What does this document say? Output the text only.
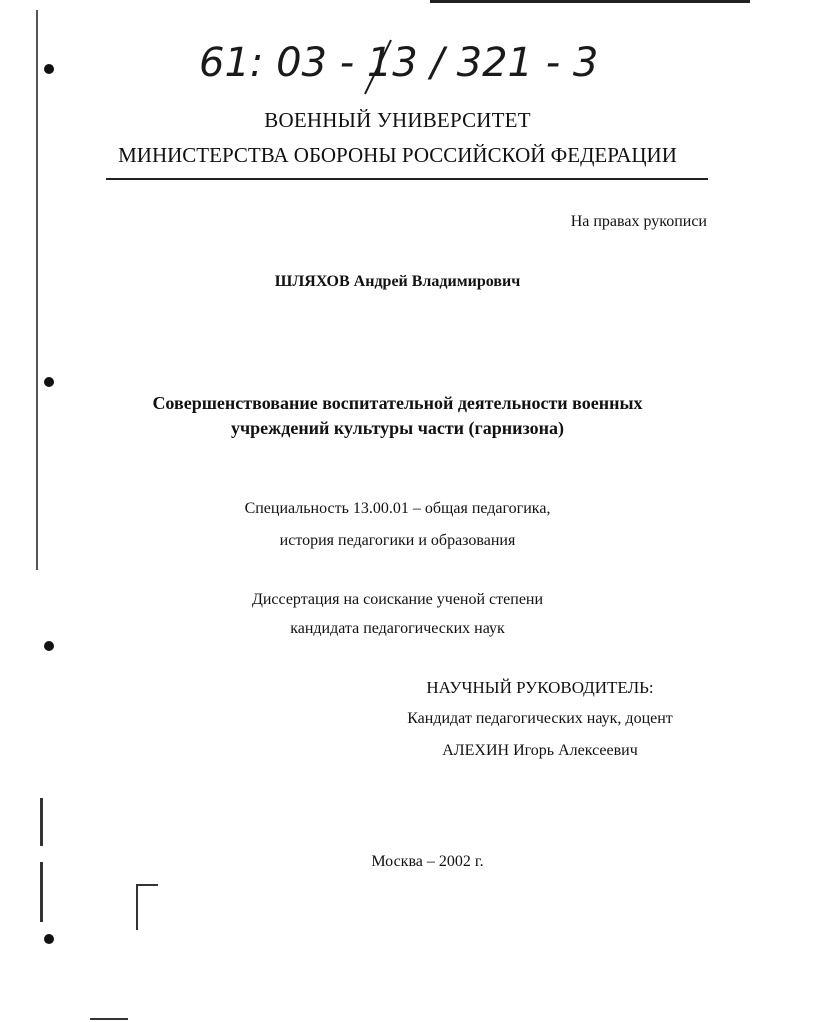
61: 03 - 13 / 321 - 3
ВОЕННЫЙ УНИВЕРСИТЕТ
МИНИСТЕРСТВА ОБОРОНЫ РОССИЙСКОЙ ФЕДЕРАЦИИ
На правах рукописи
ШЛЯХОВ Андрей Владимирович
Совершенствование воспитательной деятельности военных
учреждений культуры части (гарнизона)
Специальность 13.00.01 – общая педагогика,
история педагогики и образования
Диссертация на соискание ученой степени
кандидата педагогических наук
НАУЧНЫЙ РУКОВОДИТЕЛЬ:
Кандидат педагогических наук, доцент
АЛЕХИН Игорь Алексеевич
Москва – 2002 г.
